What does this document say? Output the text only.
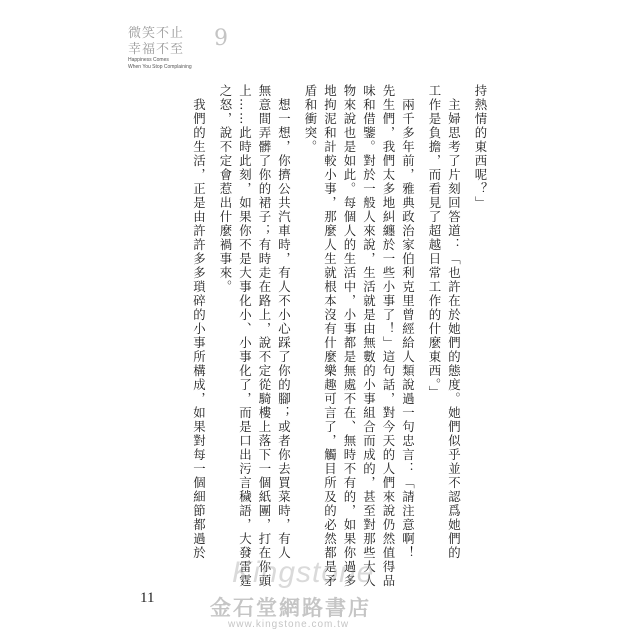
微笑不止
幸福不至 9
Happiness Comes
When You Stop Complaining
持熱情的東西呢？」
　主婦思考了片刻回答道：「也許在於她們的態度。她們似乎並不認爲她們的
工作是負擔，而看見了超越日常工作的什麼東西。」
　兩千多年前，雅典政治家伯利克里曾經給人類說過一句忠言：「請注意啊！
先生們，我們太多地糾纏於一些小事了！」這句話，對今天的人們來說仍然值得品
味和借鑒。對於一般人來說，生活就是由無數的小事組合而成的，甚至對那些大人
物來說也是如此。每個人的生活中，小事都是無處不在、無時不有的，如果你過多
地拘泥和計較小事，那麼人生就根本沒有什麼樂趣可言了，觸目所及的必然都是矛
盾和衝突。
　想一想，你擠公共汽車時，有人不小心踩了你的腳；或者你去買菜時，有人
無意間弄髒了你的裙子；有時走在路上，說不定從騎樓上落下一個紙團，打在你頭
上……此時此刻，如果你不是大事化小、小事化了，而是口出污言穢語，大發雷霆
之怒，說不定會惹出什麼禍事來。
　我們的生活，正是由許許多多瑣碎的小事所構成，如果對每一個細節都過於
11
Kingstone
金石堂網路書店
www.kingstone.com.tw
